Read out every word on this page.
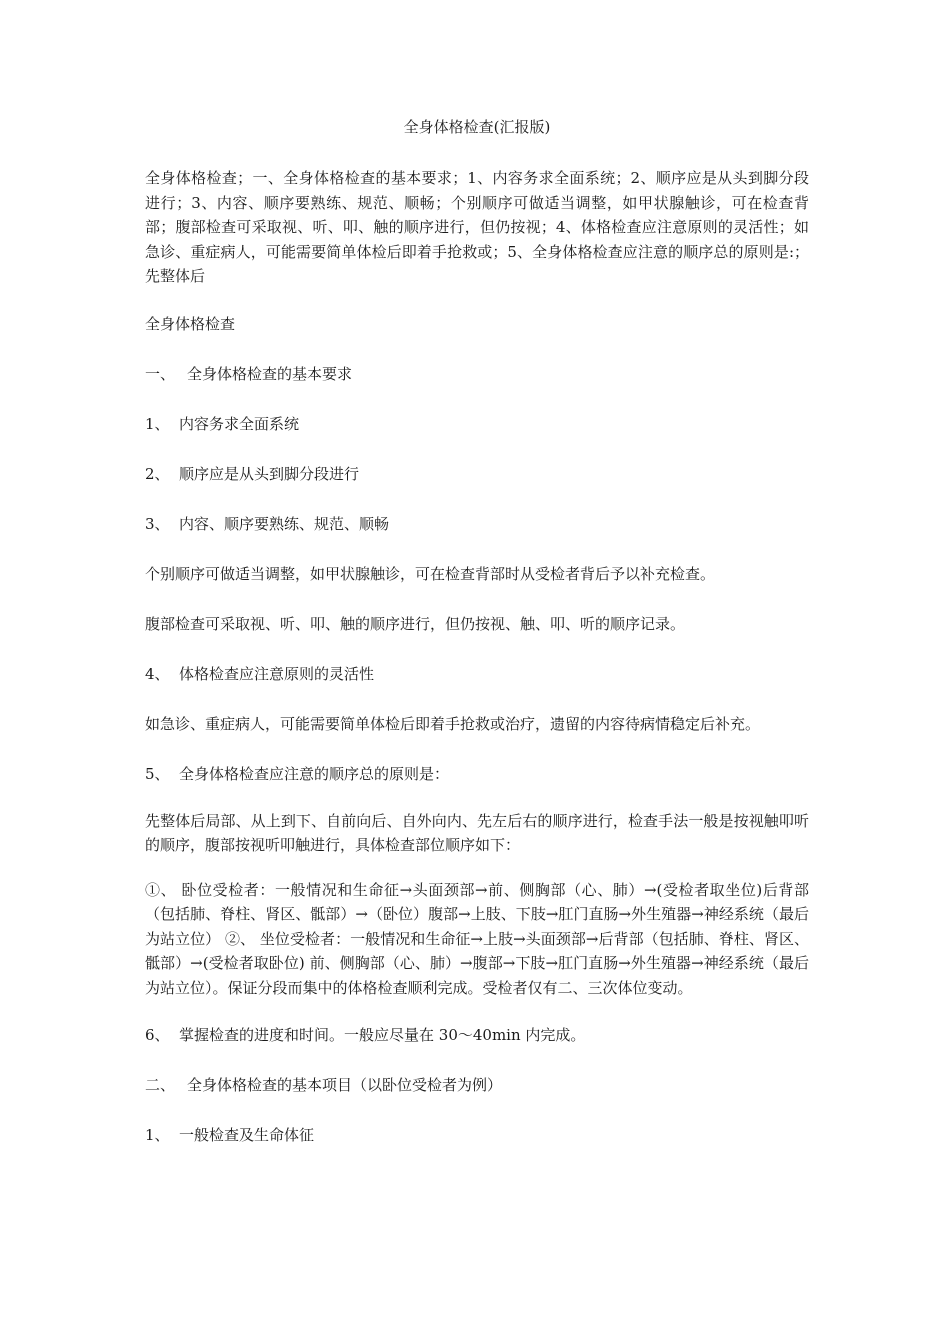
全身体格检查(汇报版)

全身体格检查；一、全身体格检查的基本要求；1、内容务求全面系统；2、顺序应是从头到脚分段进行；3、内容、顺序要熟练、规范、顺畅；个别顺序可做适当调整，如甲状腺触诊，可在检查背部；腹部检查可采取视、听、叩、触的顺序进行，但仍按视；4、体格检查应注意原则的灵活性；如急诊、重症病人，可能需要简单体检后即着手抢救或；5、全身体格检查应注意的顺序总的原则是:；先整体后

全身体格检查

一、 全身体格检查的基本要求

1、 内容务求全面系统

2、 顺序应是从头到脚分段进行

3、 内容、顺序要熟练、规范、顺畅

个别顺序可做适当调整，如甲状腺触诊，可在检查背部时从受检者背后予以补充检查。

腹部检查可采取视、听、叩、触的顺序进行，但仍按视、触、叩、听的顺序记录。

4、 体格检查应注意原则的灵活性

如急诊、重症病人，可能需要简单体检后即着手抢救或治疗，遗留的内容待病情稳定后补充。

5、 全身体格检查应注意的顺序总的原则是：

先整体后局部、从上到下、自前向后、自外向内、先左后右的顺序进行，检查手法一般是按视触叩听的顺序，腹部按视听叩触进行，具体检查部位顺序如下：

①、 卧位受检者：一般情况和生命征→头面颈部→前、侧胸部（心、肺）→(受检者取坐位)后背部（包括肺、脊柱、肾区、骶部）→（卧位）腹部→上肢、下肢→肛门直肠→外生殖器→神经系统（最后为站立位） ②、 坐位受检者：一般情况和生命征→上肢→头面颈部→后背部（包括肺、脊柱、肾区、骶部）→(受检者取卧位) 前、侧胸部（心、肺）→腹部→下肢→肛门直肠→外生殖器→神经系统（最后为站立位）。保证分段而集中的体格检查顺利完成。受检者仅有二、三次体位变动。

6、 掌握检查的进度和时间。一般应尽量在 30～40min 内完成。

二、 全身体格检查的基本项目（以卧位受检者为例）

1、 一般检查及生命体征
